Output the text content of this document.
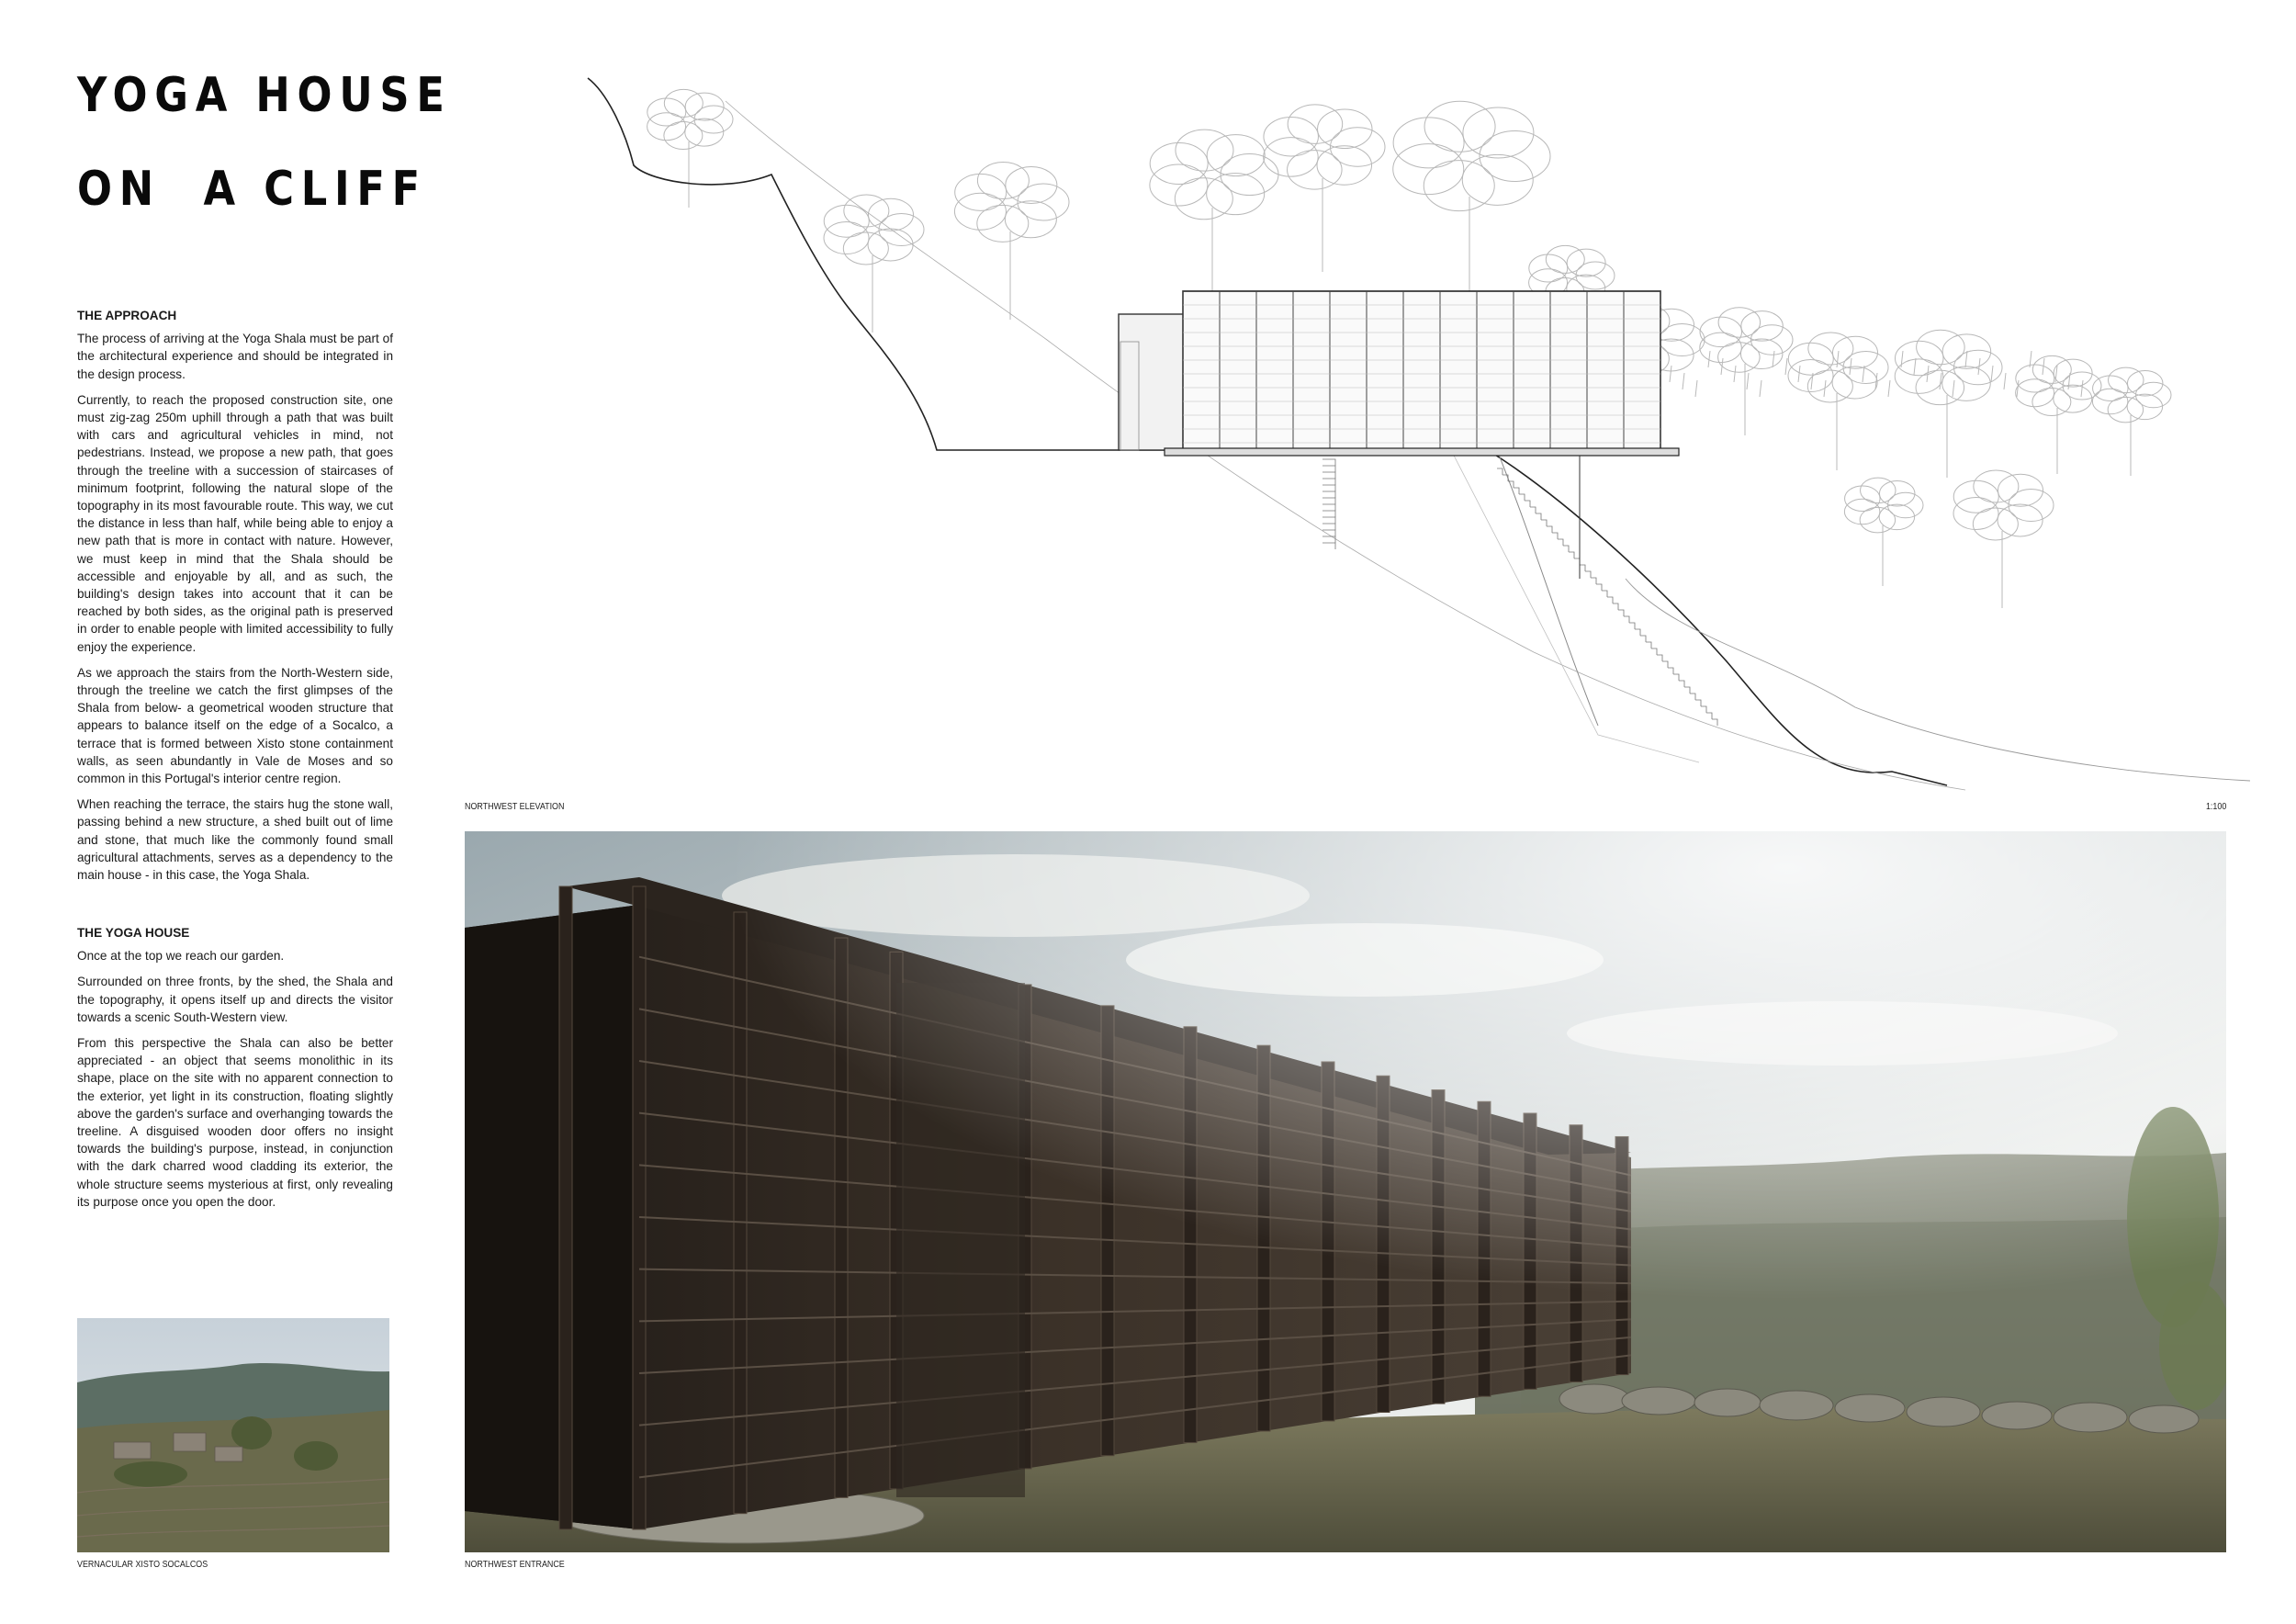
YOGA HOUSE
ON  A CLIFF
THE APPROACH

The process of arriving at the Yoga Shala must be part of the architectural experience and should be integrated in the design process.

Currently, to reach the proposed construction site, one must zig-zag 250m uphill through a path that was built with cars and agricultural vehicles in mind, not pedestrians. Instead, we propose a new path, that goes through the treeline with a succession of staircases of minimum footprint, following the natural slope of the topography in its most favourable route. This way, we cut the distance in less than half, while being able to enjoy a new path that is more in contact with nature. However, we must keep in mind that the Shala should be accessible and enjoyable by all, and as such, the building's design takes into account that it can be reached by both sides, as the original path is preserved in order to enable people with limited accessibility to fully enjoy the experience.

As we approach the stairs from the North-Western side, through the treeline we catch the first glimpses of the Shala from below- a geometrical wooden structure that appears to balance itself on the edge of a Socalco, a terrace that is formed between Xisto stone containment walls, as seen abundantly in Vale de Moses and so common in this Portugal's interior centre region.

When reaching the terrace, the stairs hug the stone wall, passing behind a new structure, a shed built out of lime and stone, that much like the commonly found small agricultural attachments, serves as a dependency to the main house - in this case, the Yoga Shala.

THE YOGA HOUSE

Once at the top we reach our garden.

Surrounded on three fronts, by the shed, the Shala and the topography, it opens itself up and directs the visitor towards a scenic South-Western view.

From this perspective the Shala can also be better appreciated - an object that seems monolithic in its shape, place on the site with no apparent connection to the exterior, yet light in its construction, floating slightly above the garden's surface and overhanging towards the treeline. A disguised wooden door offers no insight towards the building's purpose, instead, in conjunction with the dark charred wood cladding its exterior, the whole structure seems mysterious at first, only revealing its purpose once you open the door.

NORTHWEST ELEVATION	1:100
NORTHWEST ENTRANCE
VERNACULAR XISTO SOCALCOS
